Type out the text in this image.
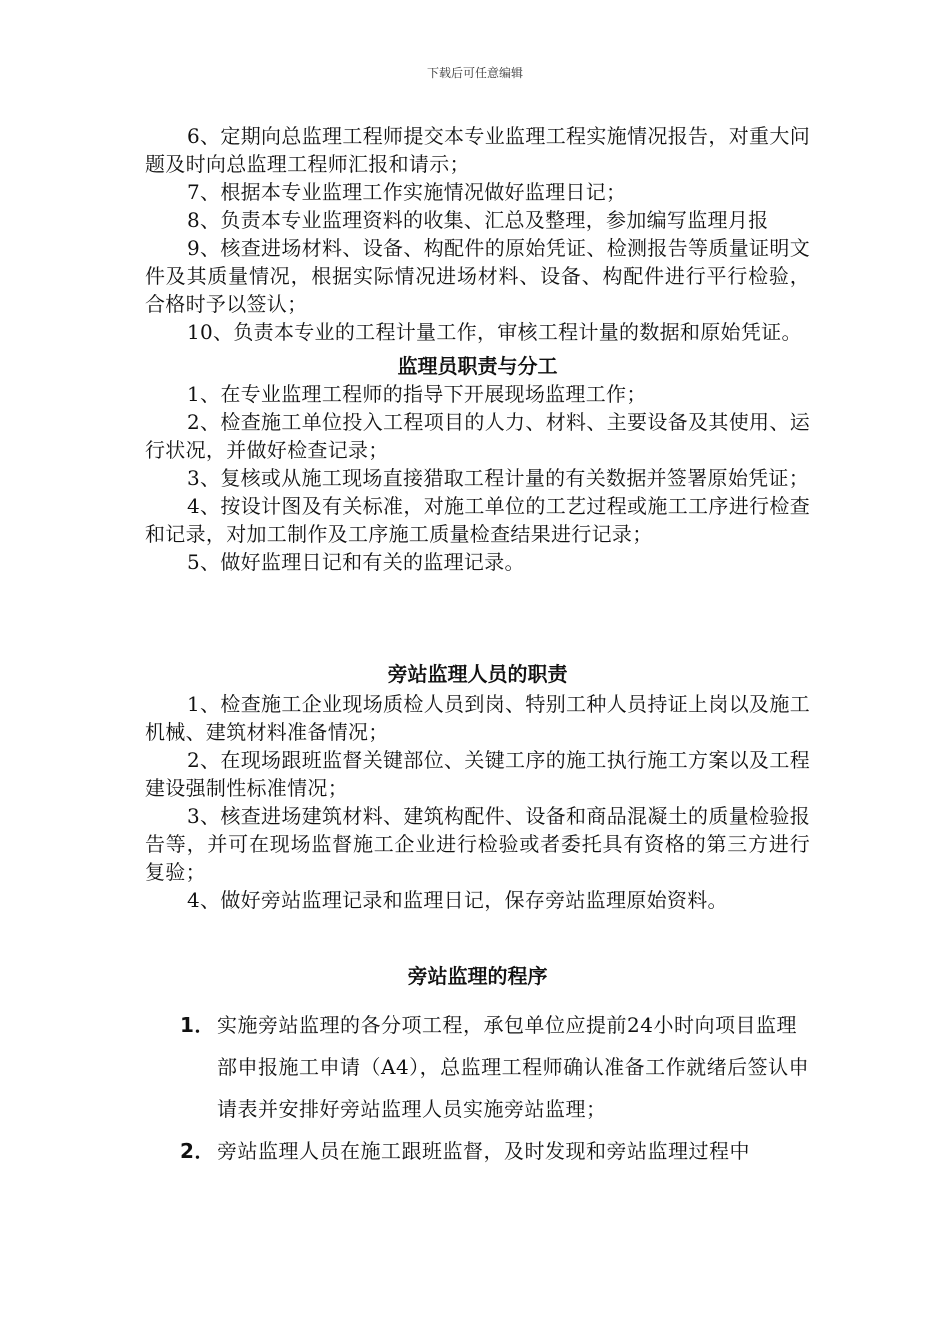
下载后可任意编辑

6、定期向总监理工程师提交本专业监理工程实施情况报告，对重大问题及时向总监理工程师汇报和请示；

7、根据本专业监理工作实施情况做好监理日记；

8、负责本专业监理资料的收集、汇总及整理，参加编写监理月报

9、核查进场材料、设备、构配件的原始凭证、检测报告等质量证明文件及其质量情况，根据实际情况进场材料、设备、构配件进行平行检验，合格时予以签认；

10、负责本专业的工程计量工作，审核工程计量的数据和原始凭证。

监理员职责与分工

1、在专业监理工程师的指导下开展现场监理工作；

2、检查施工单位投入工程项目的人力、材料、主要设备及其使用、运行状况，并做好检查记录；

3、复核或从施工现场直接猎取工程计量的有关数据并签署原始凭证；

4、按设计图及有关标准，对施工单位的工艺过程或施工工序进行检查和记录，对加工制作及工序施工质量检查结果进行记录；

5、做好监理日记和有关的监理记录。

旁站监理人员的职责

1、检查施工企业现场质检人员到岗、特别工种人员持证上岗以及施工机械、建筑材料准备情况；

2、在现场跟班监督关键部位、关键工序的施工执行施工方案以及工程建设强制性标准情况；

3、核查进场建筑材料、建筑构配件、设备和商品混凝土的质量检验报告等，并可在现场监督施工企业进行检验或者委托具有资格的第三方进行复验；

4、做好旁站监理记录和监理日记，保存旁站监理原始资料。

旁站监理的程序
1． 实施旁站监理的各分项工程，承包单位应提前24小时向项目监理部申报施工申请（A4），总监理工程师确认准备工作就绪后签认申请表并安排好旁站监理人员实施旁站监理；
2． 旁站监理人员在施工跟班监督，及时发现和旁站监理过程中
